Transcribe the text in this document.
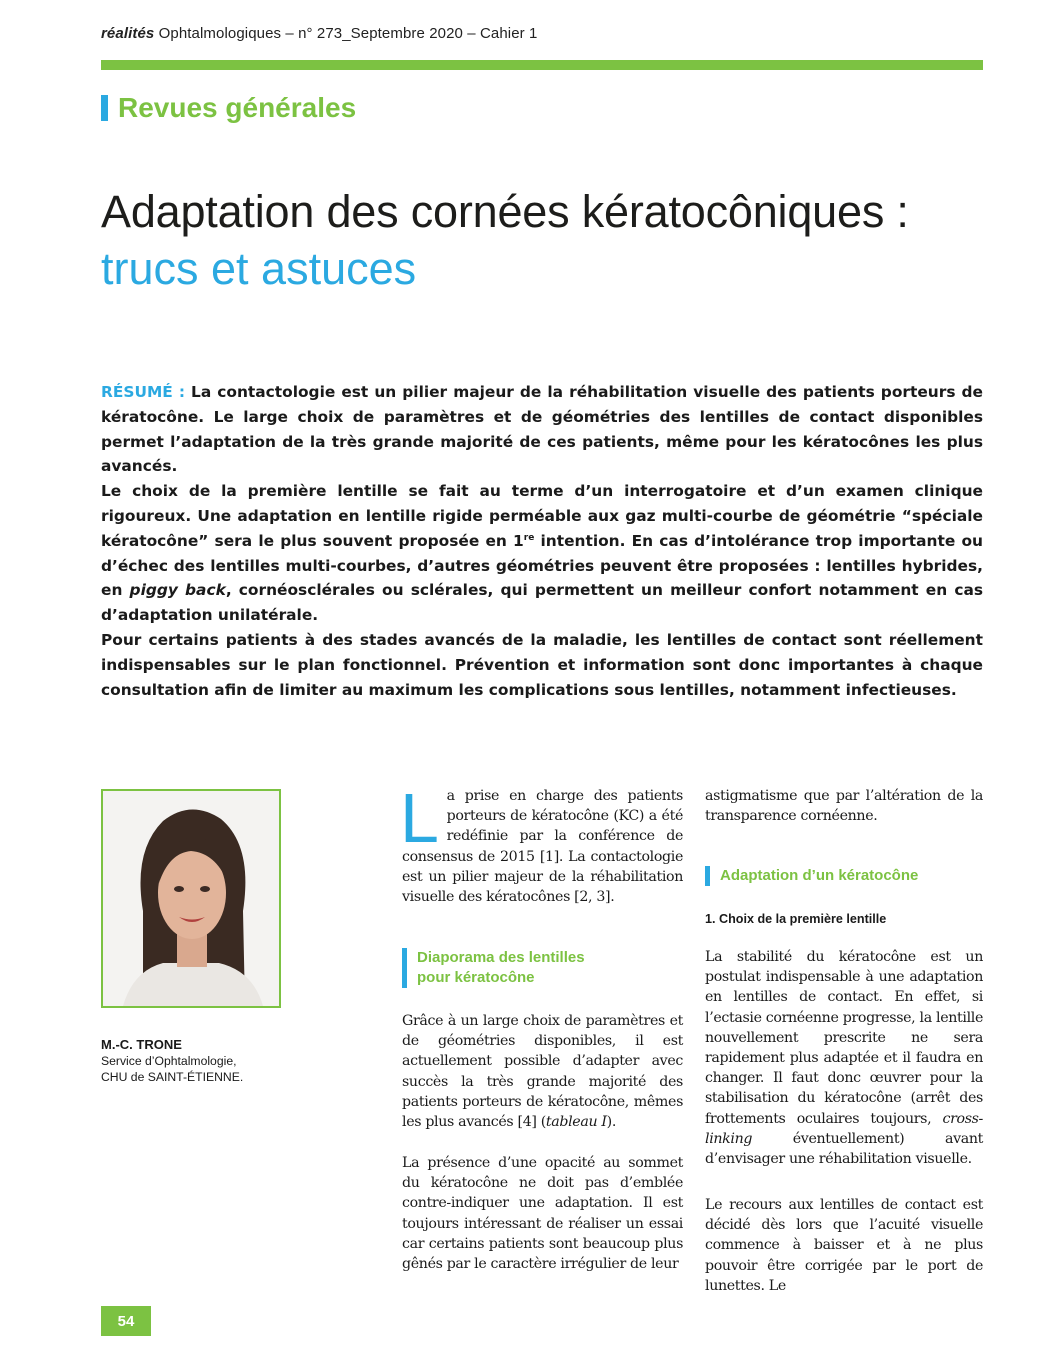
réalités Ophtalmologiques – n° 273_Septembre 2020 – Cahier 1
Revues générales
Adaptation des cornées kératocôniques :
trucs et astuces

RÉSUMÉ : La contactologie est un pilier majeur de la réhabilitation visuelle des patients porteurs de kératocône. Le large choix de paramètres et de géométries des lentilles de contact disponibles permet l’adaptation de la très grande majorité de ces patients, même pour les kératocônes les plus avancés.

Le choix de la première lentille se fait au terme d’un interrogatoire et d’un examen clinique rigoureux. Une adaptation en lentille rigide perméable aux gaz multi-courbe de géométrie “spéciale kératocône” sera le plus souvent proposée en 1re intention. En cas d’intolérance trop importante ou d’échec des lentilles multi-courbes, d’autres géométries peuvent être proposées : lentilles hybrides, en piggy back, cornéosclérales ou sclérales, qui permettent un meilleur confort notamment en cas d’adaptation unilatérale.

Pour certains patients à des stades avancés de la maladie, les lentilles de contact sont réellement indispensables sur le plan fonctionnel. Prévention et information sont donc importantes à chaque consultation afin de limiter au maximum les complications sous lentilles, notamment infectieuses.

M.-C. TRONE
Service d’Ophtalmologie,
CHU de SAINT-ÉTIENNE.

La prise en charge des patients porteurs de kératocône (KC) a été redéfinie par la conférence de consensus de 2015 [1]. La contactologie est un pilier majeur de la réhabilitation visuelle des kératocônes [2, 3].

Diaporama des lentilles
pour kératocône

Grâce à un large choix de paramètres et de géométries disponibles, il est actuellement possible d’adapter avec succès la très grande majorité des patients porteurs de kératocône, mêmes les plus avancés [4] (tableau I).

La présence d’une opacité au sommet du kératocône ne doit pas d’emblée contre-indiquer une adaptation. Il est toujours intéressant de réaliser un essai car certains patients sont beaucoup plus gênés par le caractère irrégulier de leur

astigmatisme que par l’altération de la transparence cornéenne.

Adaptation d’un kératocône
1. Choix de la première lentille

La stabilité du kératocône est un postulat indispensable à une adaptation en lentilles de contact. En effet, si l’ectasie cornéenne progresse, la lentille nouvellement prescrite ne sera rapidement plus adaptée et il faudra en changer. Il faut donc œuvrer pour la stabilisation du kératocône (arrêt des frottements oculaires toujours, cross-linking éventuellement) avant d’envisager une réhabilitation visuelle.

Le recours aux lentilles de contact est décidé dès lors que l’acuité visuelle commence à baisser et à ne plus pouvoir être corrigée par le port de lunettes. Le

54
